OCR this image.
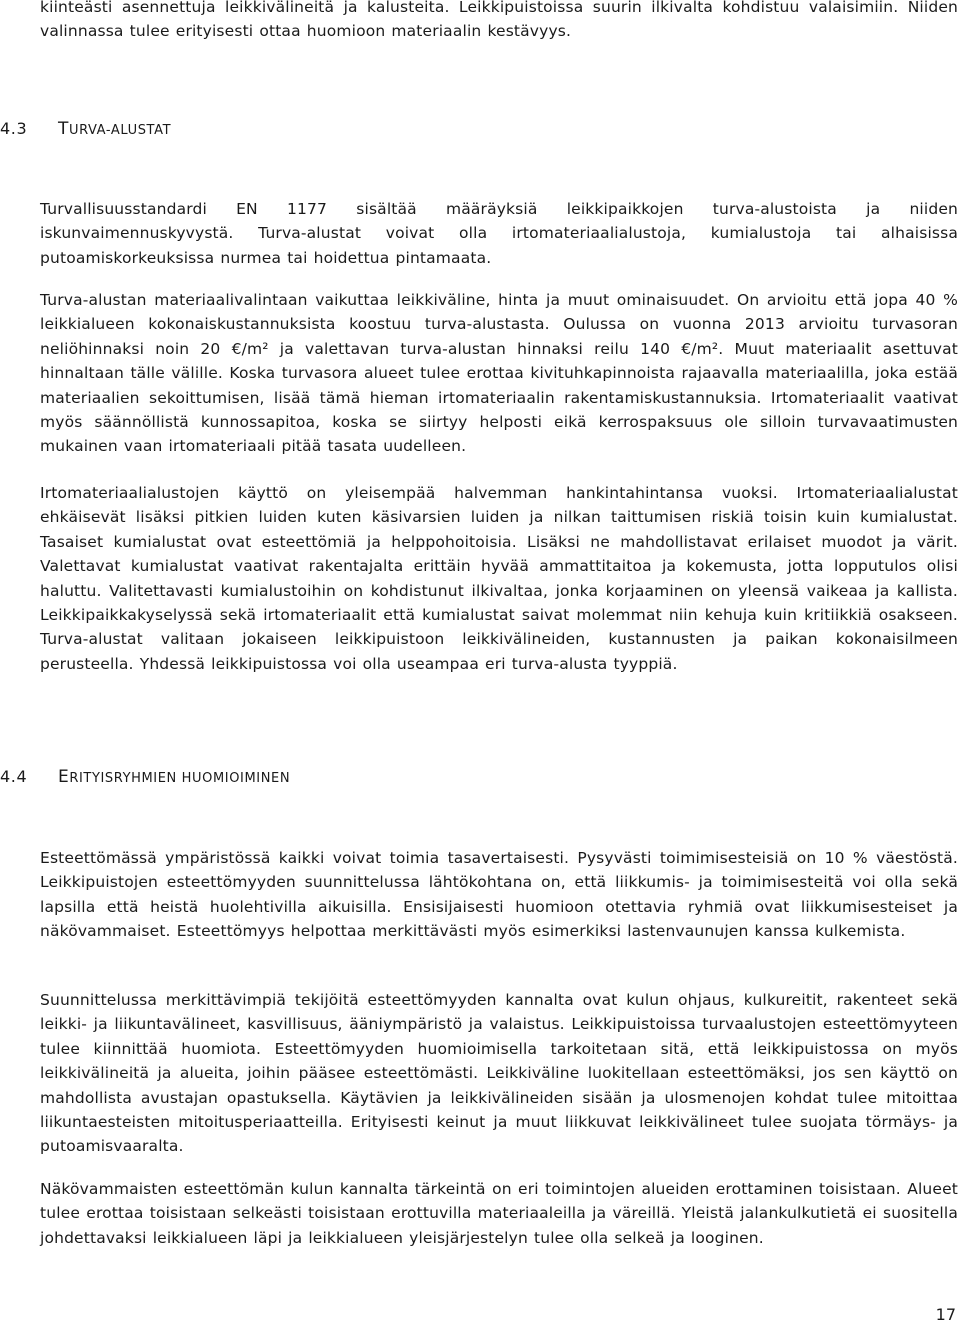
kiinteästi asennettuja leikkivälineitä ja kalusteita. Leikkipuistoissa suurin ilkivalta kohdistuu valaisimiin. Niiden valinnassa tulee erityisesti ottaa huomioon materiaalin kestävyys.

4.3	T URVA-ALUSTAT

Turvallisuusstandardi EN 1177 sisältää määräyksiä leikkipaikkojen turva-alustoista ja niiden iskunvaimennuskyvystä. Turva-alustat voivat olla irtomateriaalialustoja, kumialustoja tai alhaisissa putoamiskorkeuksissa nurmea tai hoidettua pintamaata.

Turva-alustan materiaalivalintaan vaikuttaa leikkiväline, hinta ja muut ominaisuudet. On arvioitu että jopa 40 % leikkialueen kokonaiskustannuksista koostuu turva-alustasta. Oulussa on vuonna 2013 arvioitu turvasoran neliöhinnaksi noin 20 €/m² ja valettavan turva-alustan hinnaksi reilu 140 €/m². Muut materiaalit asettuvat hinnaltaan tälle välille. Koska turvasora alueet tulee erottaa kivituhkapinnoista rajaavalla materiaalilla, joka estää materiaalien sekoittumisen, lisää tämä hieman irtomateriaalin rakentamiskustannuksia. Irtomateriaalit vaativat myös säännöllistä kunnossapitoa, koska se siirtyy helposti eikä kerrospaksuus ole silloin turvavaatimusten mukainen vaan irtomateriaali pitää tasata uudelleen.

Irtomateriaalialustojen käyttö on yleisempää halvemman hankintahintansa vuoksi. Irtomateriaalialustat ehkäisevät lisäksi pitkien luiden kuten käsivarsien luiden ja nilkan taittumisen riskiä toisin kuin kumialustat. Tasaiset kumialustat ovat esteettömiä ja helppohoitoisia. Lisäksi ne mahdollistavat erilaiset muodot ja värit. Valettavat kumialustat vaativat rakentajalta erittäin hyvää ammattitaitoa ja kokemusta, jotta lopputulos olisi haluttu. Valitettavasti kumialustoihin on kohdistunut ilkivaltaa, jonka korjaaminen on yleensä vaikeaa ja kallista. Leikkipaikkakyselyssä sekä irtomateriaalit että kumialustat saivat molemmat niin kehuja kuin kritiikkiä osakseen. Turva-alustat valitaan jokaiseen leikkipuistoon leikkivälineiden, kustannusten ja paikan kokonaisilmeen perusteella. Yhdessä leikkipuistossa voi olla useampaa eri turva-alusta tyyppiä.

4.4	E RITYISRYHMIEN HUOMIOIMINEN

Esteettömässä ympäristössä kaikki voivat toimia tasavertaisesti. Pysyvästi toimimisesteisiä on 10 % väestöstä. Leikkipuistojen esteettömyyden suunnittelussa lähtökohtana on, että liikkumis- ja toimimisesteitä voi olla sekä lapsilla että heistä huolehtivilla aikuisilla. Ensisijaisesti huomioon otettavia ryhmiä ovat liikkumisesteiset ja näkövammaiset. Esteettömyys helpottaa merkittävästi myös esimerkiksi lastenvaunujen kanssa kulkemista.

Suunnittelussa merkittävimpiä tekijöitä esteettömyyden kannalta ovat kulun ohjaus, kulkureitit, rakenteet sekä leikki- ja liikuntavälineet, kasvillisuus, ääniympäristö ja valaistus. Leikkipuistoissa turvaalustojen esteettömyyteen tulee kiinnittää huomiota. Esteettömyyden huomioimisella tarkoitetaan sitä, että leikkipuistossa on myös leikkivälineitä ja alueita, joihin pääsee esteettömästi. Leikkiväline luokitellaan esteettömäksi, jos sen käyttö on mahdollista avustajan opastuksella. Käytävien ja leikkivälineiden sisään ja ulosmenojen kohdat tulee mitoittaa liikuntaesteisten mitoitusperiaatteilla. Erityisesti keinut ja muut liikkuvat leikkivälineet tulee suojata törmäys- ja putoamisvaaralta.

Näkövammaisten esteettömän kulun kannalta tärkeintä on eri toimintojen alueiden erottaminen toisistaan. Alueet tulee erottaa toisistaan selkeästi toisistaan erottuvilla materiaaleilla ja väreillä. Yleistä jalankulkutietä ei suositella johdettavaksi leikkialueen läpi ja leikkialueen yleisjärjestelyn tulee olla selkeä ja looginen.

17
